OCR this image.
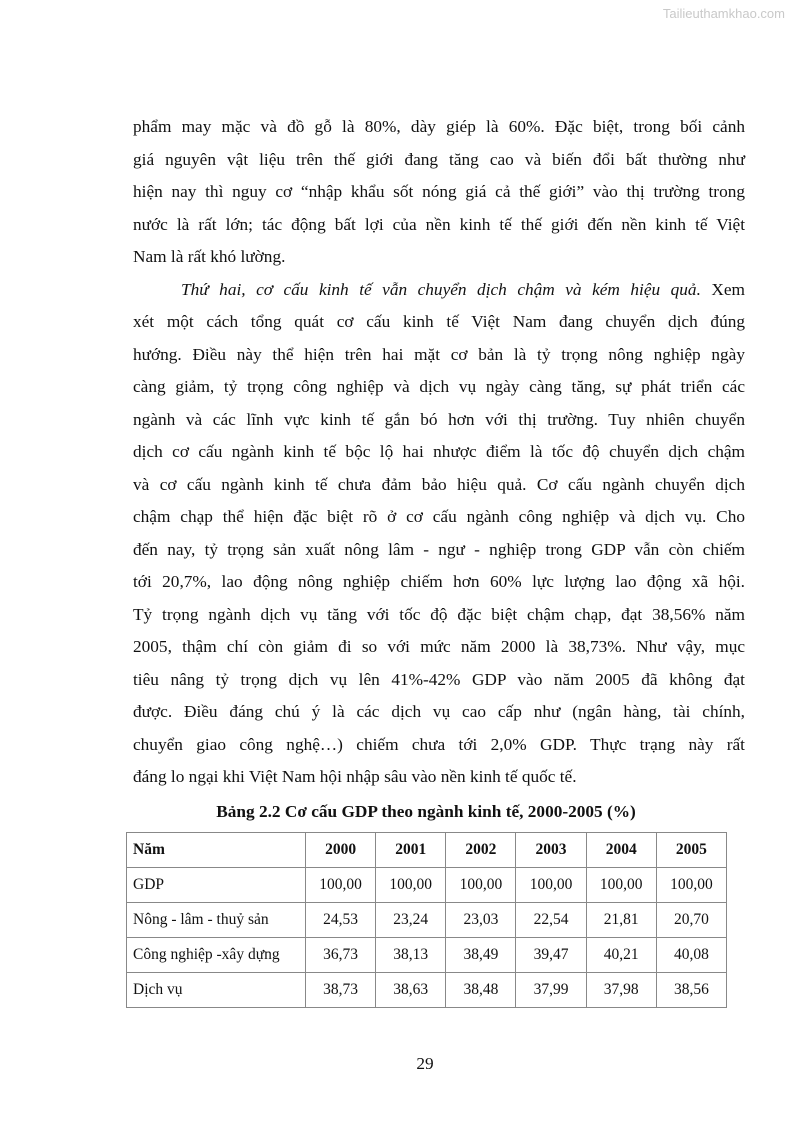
Tailieuthamkhao.com
phẩm may mặc và đồ gỗ là 80%, dày giép là 60%. Đặc biệt, trong bối cảnh
giá nguyên vật liệu trên thế giới đang tăng cao và biến đổi bất thường như
hiện nay thì nguy cơ “nhập khẩu sốt nóng giá cả thế giới” vào thị trường trong
nước là rất lớn; tác động bất lợi của nền kinh tế thế giới đến nền kinh tế Việt
Nam là rất khó lường.
Thứ hai, cơ cấu kinh tế vẫn chuyển dịch chậm và kém hiệu quả. Xem
xét một cách tổng quát cơ cấu kinh tế Việt Nam đang chuyển dịch đúng
hướng. Điều này thể hiện trên hai mặt cơ bản là tỷ trọng nông nghiệp ngày
càng giảm, tỷ trọng công nghiệp và dịch vụ ngày càng tăng, sự phát triển các
ngành và các lĩnh vực kinh tế gắn bó hơn với thị trường. Tuy nhiên chuyển
dịch cơ cấu ngành kinh tế bộc lộ hai nhược điểm là tốc độ chuyển dịch chậm
và cơ cấu ngành kinh tế chưa đảm bảo hiệu quả. Cơ cấu ngành chuyển dịch
chậm chạp thể hiện đặc biệt rõ ở cơ cấu ngành công nghiệp và dịch vụ. Cho
đến nay, tỷ trọng sản xuất nông lâm - ngư - nghiệp trong GDP vẫn còn chiếm
tới 20,7%, lao động nông nghiệp chiếm hơn 60% lực lượng lao động xã hội.
Tỷ trọng ngành dịch vụ tăng với tốc độ đặc biệt chậm chạp, đạt 38,56% năm
2005, thậm chí còn giảm đi so với mức năm 2000 là 38,73%. Như vậy, mục
tiêu nâng tỷ trọng dịch vụ lên 41%-42% GDP vào năm 2005 đã không đạt
được. Điều đáng chú ý là các dịch vụ cao cấp như (ngân hàng, tài chính,
chuyển giao công nghệ…) chiếm chưa tới 2,0% GDP. Thực trạng này rất
đáng lo ngại khi Việt Nam hội nhập sâu vào nền kinh tế quốc tế.
Bảng 2.2 Cơ cấu GDP theo ngành kinh tế, 2000-2005 (%)
Năm	2000	2001	2002	2003	2004	2005
GDP	100,00	100,00	100,00	100,00	100,00	100,00
Nông - lâm - thuỷ sản	24,53	23,24	23,03	22,54	21,81	20,70
Công nghiệp -xây dựng	36,73	38,13	38,49	39,47	40,21	40,08
Dịch vụ	38,73	38,63	38,48	37,99	37,98	38,56
29
